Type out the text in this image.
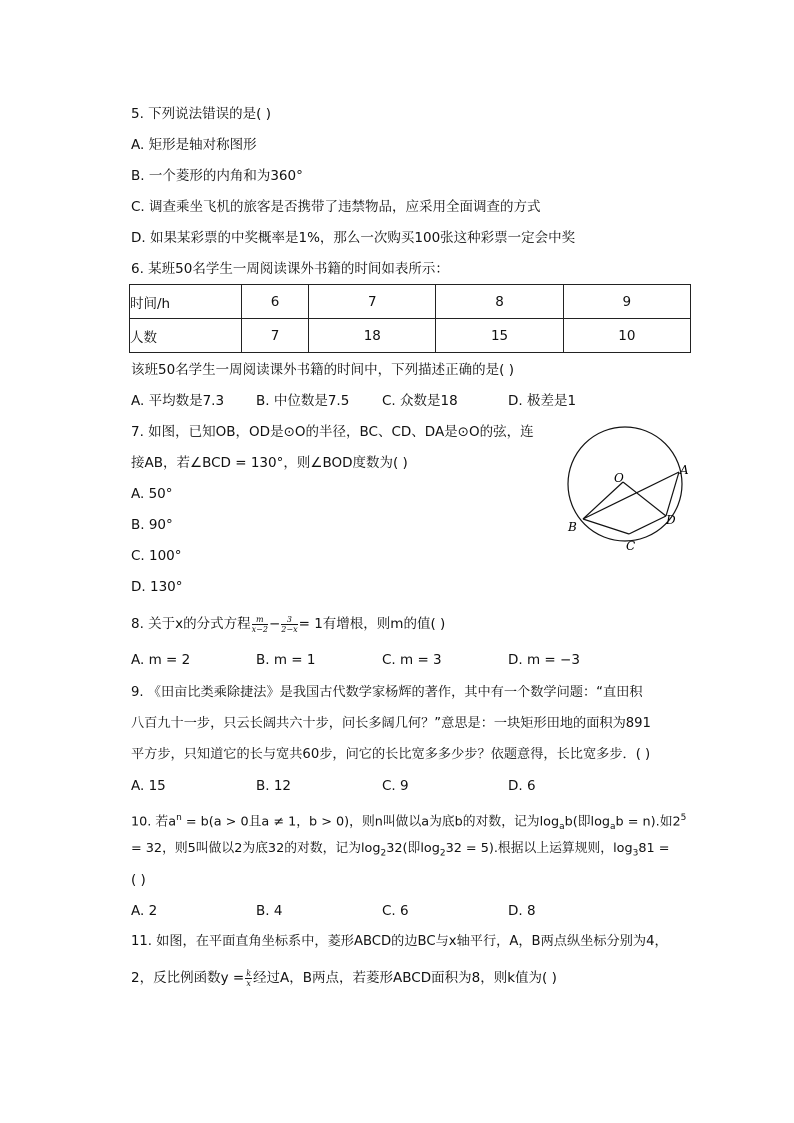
5. 下列说法错误的是( )
A. 矩形是轴对称图形
B. 一个菱形的内角和为360°
C. 调查乘坐飞机的旅客是否携带了违禁物品，应采用全面调查的方式
D. 如果某彩票的中奖概率是1%，那么一次购买100张这种彩票一定会中奖
6. 某班50名学生一周阅读课外书籍的时间如表所示：
时间/h	6	7	8	9
人数	7	18	15	10
该班50名学生一周阅读课外书籍的时间中，下列描述正确的是( )
A. 平均数是7.3 B. 中位数是7.5 C. 众数是18	D. 极差是1
7. 如图，已知OB，OD是⊙O的半径，BC、CD、DA是⊙O的弦，连
接AB，若∠BCD = 130°，则∠BOD度数为( )
A. 50°
B. 90°
C. 100°
D. 130°
O
A
B
C
D
8. 关于x的分式方程 $\frac{m}{x-2} - \frac{3}{2-x} = 1$有增根，则m的值( )
A. m = 2	B. m = 1	C. m = 3	D. m = −3
9. 《田亩比类乘除捷法》是我国古代数学家杨辉的著作，其中有一个数学问题：“直田积
八百九十一步，只云长阔共六十步，问长多阔几何？”意思是：一块矩形田地的面积为891
平方步，只知道它的长与宽共60步，问它的长比宽多多少步？依题意得，长比宽多步．( )
A. 15	B. 12	C. 9	D. 6
10. 若$a^n = b(a > 0$且a ≠ 1，b > 0)，则n叫做以a为底b的对数，记为$\log_ab$(即$\log_ab = n$).如$2^5$
= 32，则5叫做以2为底32的对数，记为$\log_232$(即$\log_232 = 5$).根据以上运算规则，$\log_381$ =
( )
A. 2	B. 4	C. 6	D. 8
11. 如图，在平面直角坐标系中，菱形ABCD的边BC与x轴平行，A，B两点纵坐标分别为4，
2，反比例函数$y = \frac{k}{x}$ 经过A，B两点，若菱形ABCD面积为8，则k值为( )
